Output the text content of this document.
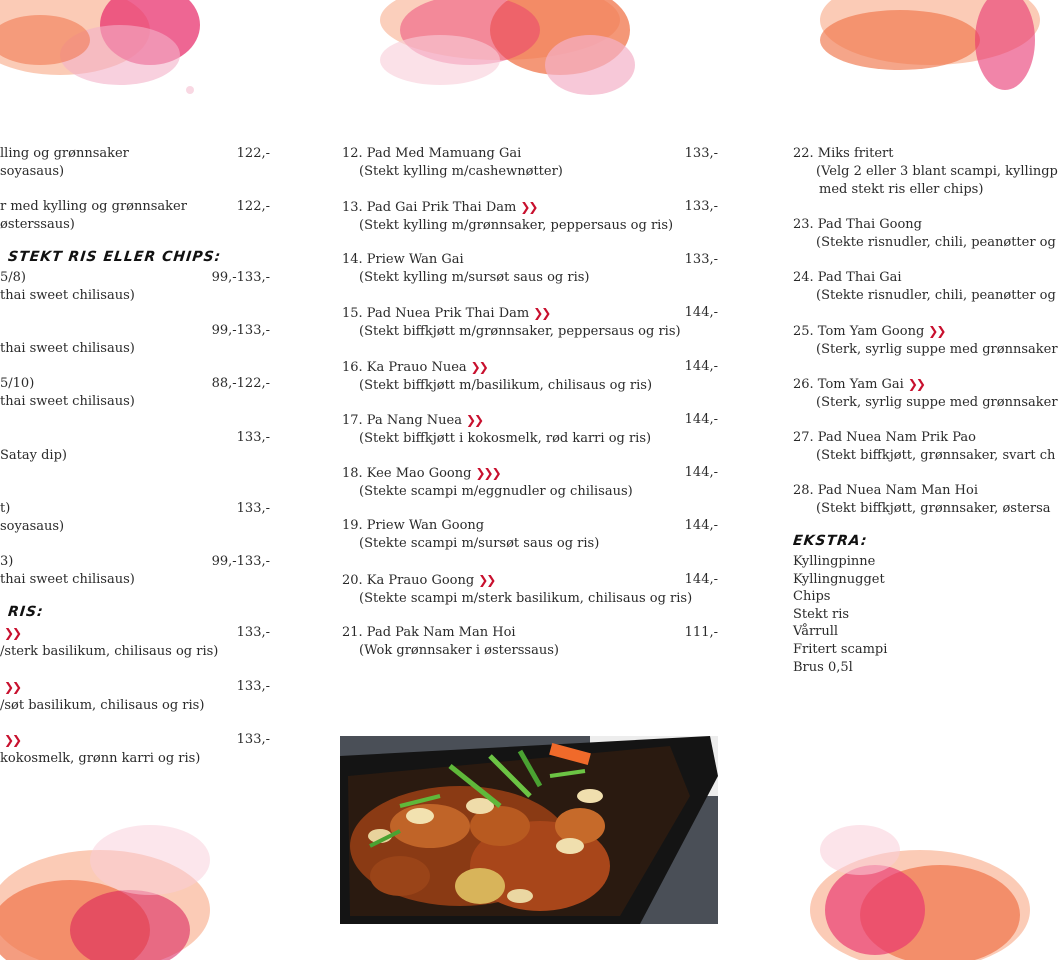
lling og grønnsaker
soyasaus)
122,-
r med kylling og grønnsaker
østerssaus)
122,-
STEKT RIS ELLER CHIPS:
5/8)
thai sweet chilisaus)
99,-133,-

thai sweet chilisaus)
99,-133,-
5/10)
thai sweet chilisaus)
88,-122,-

Satay dip)
133,-
t)
soyasaus)
133,-
3)
thai sweet chilisaus)
99,-133,-
RIS:
❯❯
/sterk basilikum, chilisaus og ris)
133,-
❯❯
/søt basilikum, chilisaus og ris)
133,-
❯❯
kokosmelk, grønn karri og ris)
133,-
12. Pad Med Mamuang Gai
(Stekt kylling m/cashewnøtter)
133,-
13. Pad Gai Prik Thai Dam ❯❯
(Stekt kylling m/grønnsaker, peppersaus og ris)
133,-
14. Priew Wan Gai
(Stekt kylling m/sursøt saus og ris)
133,-
15. Pad Nuea Prik Thai Dam ❯❯
(Stekt biffkjøtt m/grønnsaker, peppersaus og ris)
144,-
16. Ka Prauo Nuea ❯❯
(Stekt biffkjøtt m/basilikum, chilisaus og ris)
144,-
17. Pa Nang Nuea ❯❯
(Stekt biffkjøtt i kokosmelk, rød karri og ris)
144,-
18. Kee Mao Goong ❯❯❯
(Stekte scampi m/eggnudler og chilisaus)
144,-
19. Priew Wan Goong
(Stekte scampi m/sursøt saus og ris)
144,-
20. Ka Prauo Goong ❯❯
(Stekte scampi m/sterk basilikum, chilisaus og ris)
144,-
21. Pad Pak Nam Man Hoi
(Wok grønnsaker i østerssaus)
111,-
22. Miks fritert
(Velg 2 eller 3 blant scampi, kyllingp
med stekt ris eller chips)
23. Pad Thai Goong
(Stekte risnudler, chili, peanøtter og
24. Pad Thai Gai
(Stekte risnudler, chili, peanøtter og
25. Tom Yam Goong ❯❯
(Sterk, syrlig suppe med grønnsaker
26. Tom Yam Gai ❯❯
(Sterk, syrlig suppe med grønnsaker
27. Pad Nuea Nam Prik Pao
(Stekt biffkjøtt, grønnsaker, svart ch
28. Pad Nuea Nam Man Hoi
(Stekt biffkjøtt, grønnsaker, østersa
EKSTRA:
Kyllingpinne
Kyllingnugget
Chips
Stekt ris
Vårrull
Fritert scampi
Brus 0,5l
